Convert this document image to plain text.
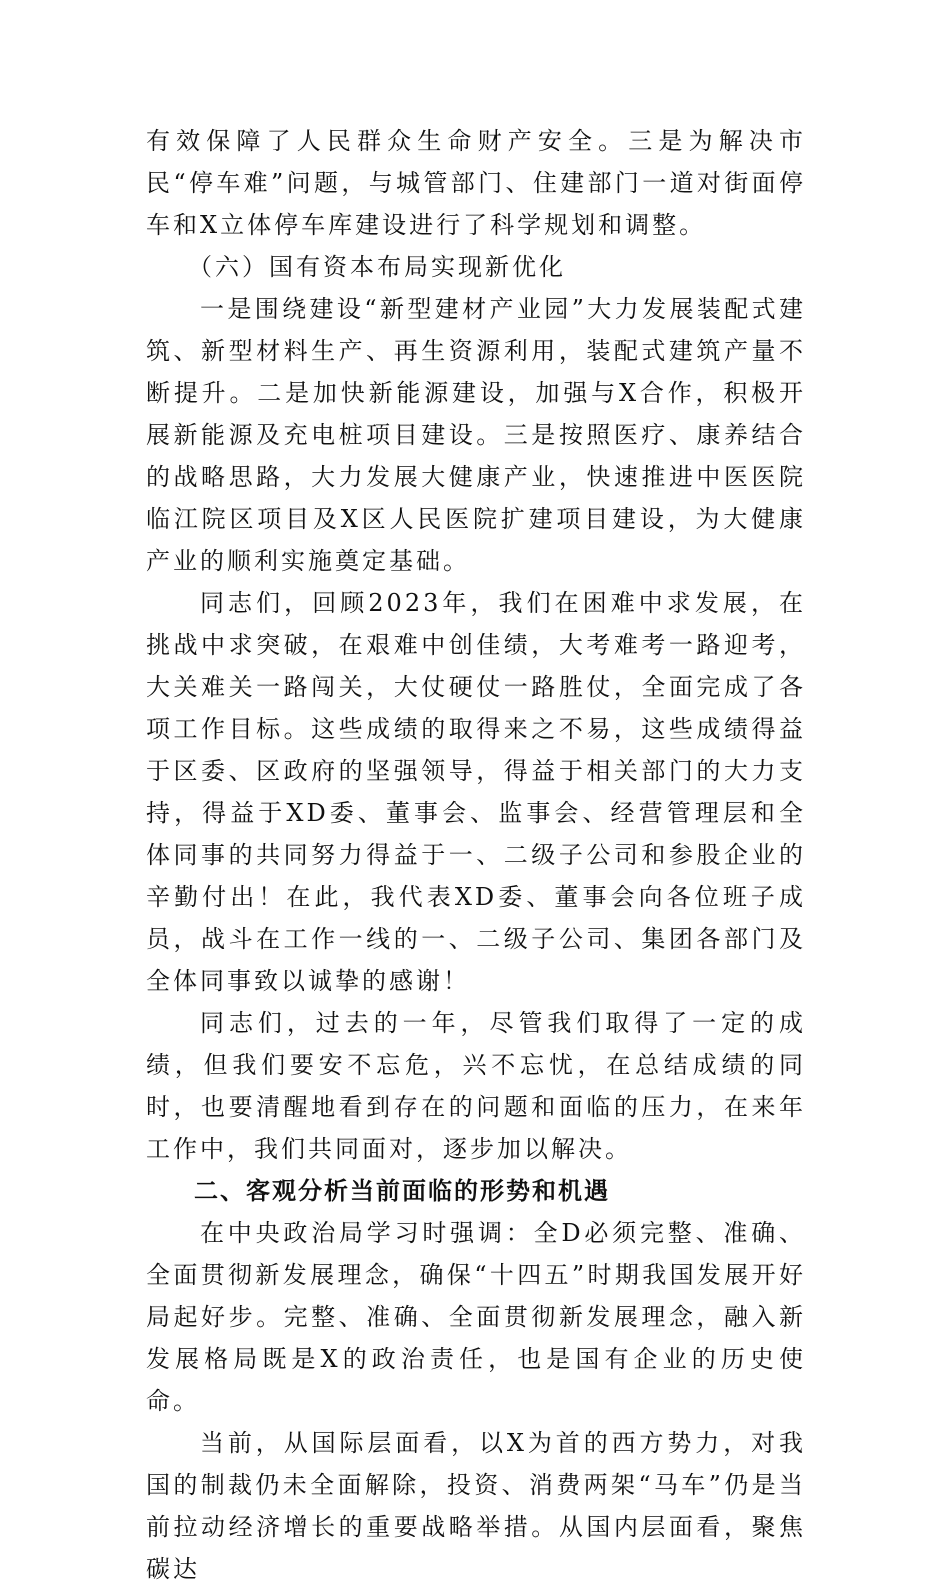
有效保障了人民群众生命财产安全。三是为解决市民“停车难”问题，与城管部门、住建部门一道对街面停车和X立体停车库建设进行了科学规划和调整。

（六）国有资本布局实现新优化

一是围绕建设“新型建材产业园”大力发展装配式建筑、新型材料生产、再生资源利用，装配式建筑产量不断提升。二是加快新能源建设，加强与X合作，积极开展新能源及充电桩项目建设。三是按照医疗、康养结合的战略思路，大力发展大健康产业，快速推进中医医院临江院区项目及X区人民医院扩建项目建设，为大健康产业的顺利实施奠定基础。

同志们，回顾2023年，我们在困难中求发展，在挑战中求突破，在艰难中创佳绩，大考难考一路迎考，大关难关一路闯关，大仗硬仗一路胜仗，全面完成了各项工作目标。这些成绩的取得来之不易，这些成绩得益于区委、区政府的坚强领导，得益于相关部门的大力支持，得益于XD委、董事会、监事会、经营管理层和全体同事的共同努力得益于一、二级子公司和参股企业的辛勤付出！在此，我代表XD委、董事会向各位班子成员，战斗在工作一线的一、二级子公司、集团各部门及全体同事致以诚挚的感谢！

同志们，过去的一年，尽管我们取得了一定的成绩，但我们要安不忘危，兴不忘忧，在总结成绩的同时，也要清醒地看到存在的问题和面临的压力，在来年工作中，我们共同面对，逐步加以解决。

二、客观分析当前面临的形势和机遇

在中央政治局学习时强调：全D必须完整、准确、全面贯彻新发展理念，确保“十四五”时期我国发展开好局起好步。完整、准确、全面贯彻新发展理念，融入新发展格局既是X的政治责任，也是国有企业的历史使命。

当前，从国际层面看，以X为首的西方势力，对我国的制裁仍未全面解除，投资、消费两架“马车”仍是当前拉动经济增长的重要战略举措。从国内层面看，聚焦碳达
